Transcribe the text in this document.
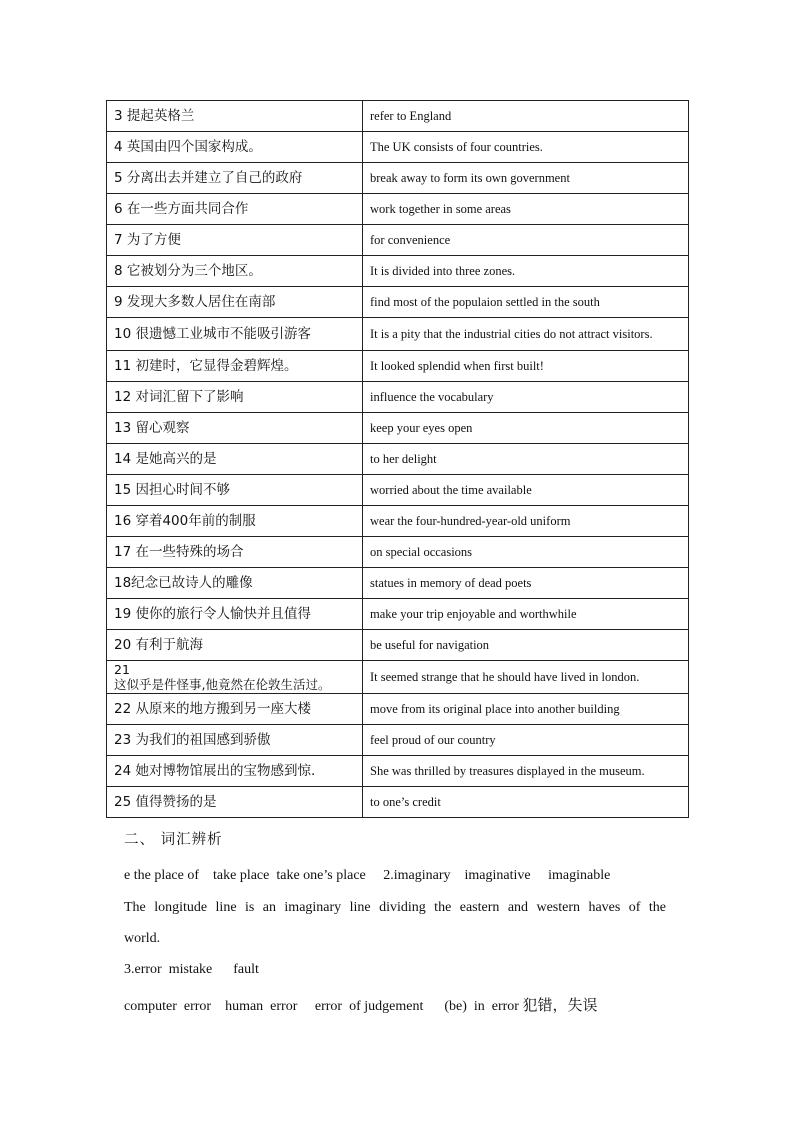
3 提起英格兰	refer to England
4 英国由四个国家构成。	The UK consists of four countries.
5 分离出去并建立了自己的政府	break away to form its own government
6 在一些方面共同合作	work together in some areas
7 为了方便	for convenience
8 它被划分为三个地区。	It is divided into three zones.
9 发现大多数人居住在南部	find most of the populaion settled in the south
10 很遗憾工业城市不能吸引游客	It is a pity that the industrial cities do not attract visitors.
11 初建时，它显得金碧辉煌。	It looked splendid when first built!
12 对词汇留下了影响	influence the vocabulary
13 留心观察	keep your eyes open
14 是她高兴的是	to her delight
15 因担心时间不够	worried about the time available
16 穿着400年前的制服	wear the four-hundred-year-old uniform
17 在一些特殊的场合	on special occasions
18纪念已故诗人的雕像	statues in memory of dead poets
19 使你的旅行令人愉快并且值得	make your trip enjoyable and worthwhile
20 有利于航海	be useful for navigation
21
这似乎是件怪事,他竟然在伦敦生活过。	It seemed strange that he should have lived in london.
22 从原来的地方搬到另一座大楼	move from its original place into another building
23 为我们的祖国感到骄傲	feel proud of our country
24 她对博物馆展出的宝物感到惊.	She was thrilled by treasures displayed in the museum.
25 值得赞扬的是	to one’s credit
二、 词汇辨析
e the place of    take place  take one’s place     2.imaginary    imaginative     imaginable
The longitude line is an imaginary line dividing the eastern and western haves of the world.
3.error  mistake      fault
computer  error    human  error     error  of judgement      (be)  in  error 犯错，失误
